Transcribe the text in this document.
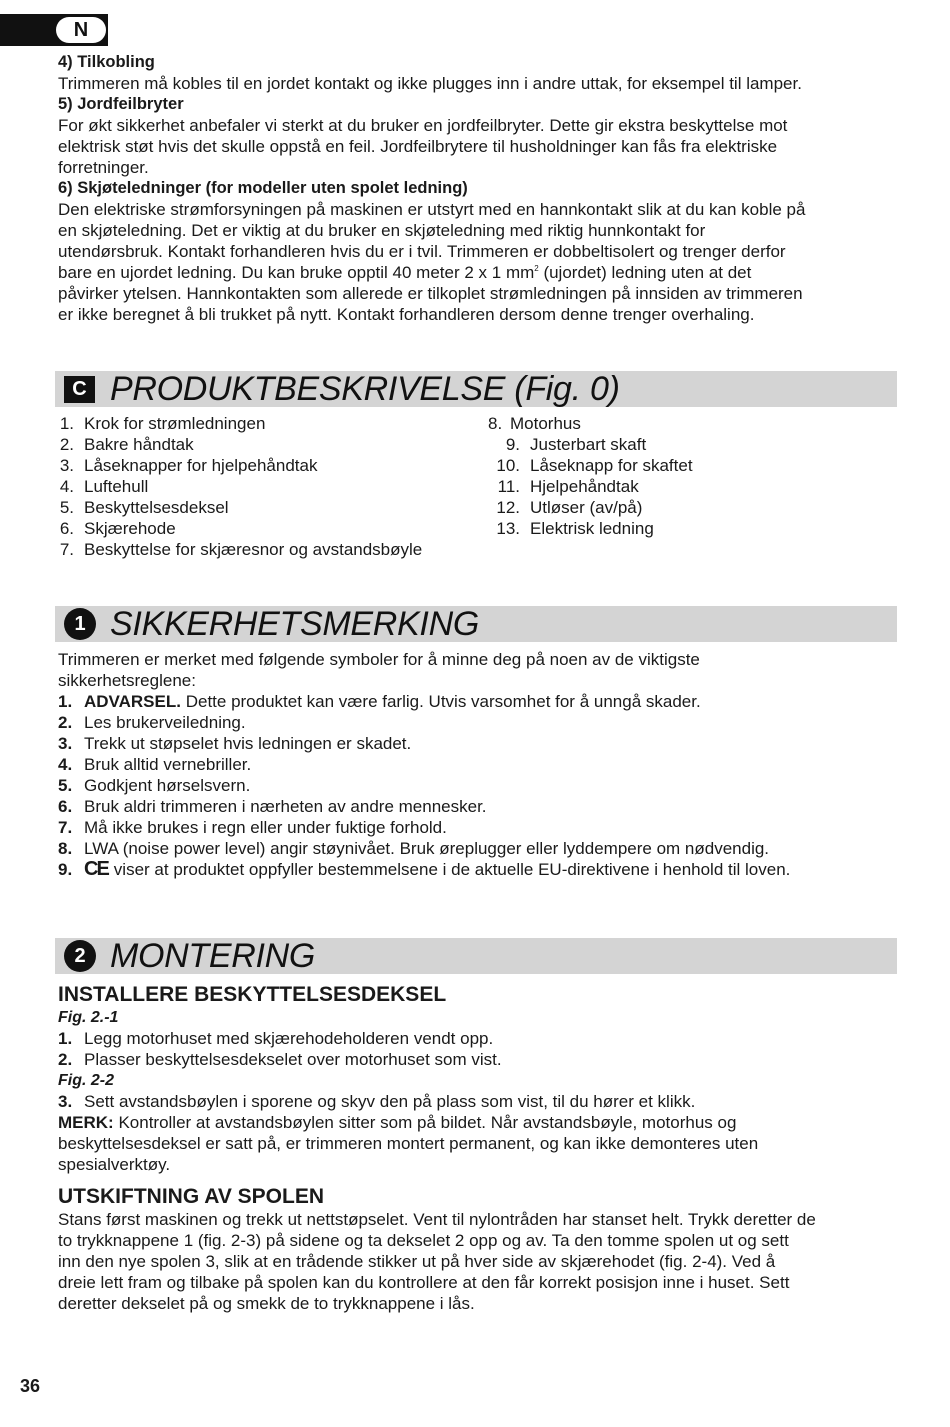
N
4) Tilkobling
Trimmeren må kobles til en jordet kontakt og ikke plugges inn i andre uttak, for eksempel til lamper.
5) Jordfeilbryter
For økt sikkerhet anbefaler vi sterkt at du bruker en jordfeilbryter. Dette gir ekstra beskyttelse mot
elektrisk støt hvis det skulle oppstå en feil. Jordfeilbrytere til husholdninger kan fås fra elektriske
forretninger.
6) Skjøteledninger (for modeller uten spolet ledning)
Den elektriske strømforsyningen på maskinen er utstyrt med en hannkontakt slik at du kan koble på
en skjøteledning. Det er viktig at du bruker en skjøteledning med riktig hunnkontakt for
utendørsbruk. Kontakt forhandleren hvis du er i tvil. Trimmeren er dobbeltisolert og trenger derfor
bare en ujordet ledning. Du kan bruke opptil 40 meter 2 x 1 $mm^2$ (ujordet) ledning uten at det
påvirker ytelsen. Hannkontakten som allerede er tilkoplet strømledningen på innsiden av trimmeren
er ikke beregnet å bli trukket på nytt. Kontakt forhandleren dersom denne trenger overhaling.
C PRODUKTBESKRIVELSE (Fig. 0)
1. Krok for strømledningen
2. Bakre håndtak
3. Låseknapper for hjelpehåndtak
4. Luftehull
5. Beskyttelsesdeksel
6. Skjærehode
7. Beskyttelse for skjæresnor og avstandsbøyle
8. Motorhus
9. Justerbart skaft
10. Låseknapp for skaftet
11. Hjelpehåndtak
12. Utløser (av/på)
13. Elektrisk ledning
1 SIKKERHETSMERKING
Trimmeren er merket med følgende symboler for å minne deg på noen av de viktigste
sikkerhetsreglene:
1. ADVARSEL. Dette produktet kan være farlig. Utvis varsomhet for å unngå skader.
2. Les brukerveiledning.
3. Trekk ut støpselet hvis ledningen er skadet.
4. Bruk alltid vernebriller.
5. Godkjent hørselsvern.
6. Bruk aldri trimmeren i nærheten av andre mennesker.
7. Må ikke brukes i regn eller under fuktige forhold.
8. LWA (noise power level) angir støynivået. Bruk øreplugger eller lyddempere om nødvendig.
9. CE viser at produktet oppfyller bestemmelsene i de aktuelle EU-direktivene i henhold til loven.
2 MONTERING
INSTALLERE BESKYTTELSESDEKSEL
Fig. 2.-1
1. Legg motorhuset med skjærehodeholderen vendt opp.
2. Plasser beskyttelsesdekselet over motorhuset som vist.
Fig. 2-2
3. Sett avstandsbøylen i sporene og skyv den på plass som vist, til du hører et klikk.
MERK: Kontroller at avstandsbøylen sitter som på bildet. Når avstandsbøyle, motorhus og
beskyttelsesdeksel er satt på, er trimmeren montert permanent, og kan ikke demonteres uten
spesialverktøy.
UTSKIFTNING AV SPOLEN
Stans først maskinen og trekk ut nettstøpselet. Vent til nylontråden har stanset helt. Trykk deretter de
to trykknappene 1 (fig. 2-3) på sidene og ta dekselet 2 opp og av. Ta den tomme spolen ut og sett
inn den nye spolen 3, slik at en trådende stikker ut på hver side av skjærehodet (fig. 2-4). Ved å
dreie lett fram og tilbake på spolen kan du kontrollere at den får korrekt posisjon inne i huset. Sett
deretter dekselet på og smekk de to trykknappene i lås.
36
